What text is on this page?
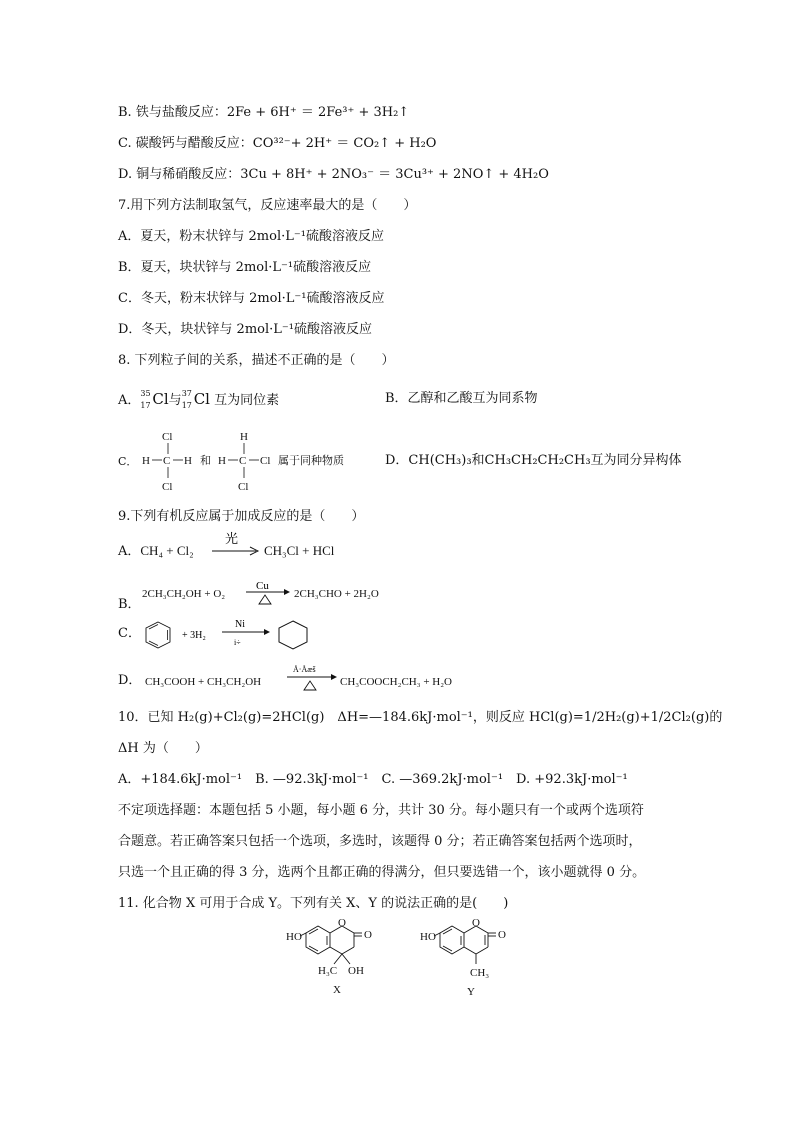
B. 铁与盐酸反应：2Fe + 6H⁺ ＝ 2Fe³⁺ + 3H₂↑
C. 碳酸钙与醋酸反应：CO³²⁻+ 2H⁺ ＝ CO₂↑ + H₂O
D. 铜与稀硝酸反应：3Cu + 8H⁺ + 2NO₃⁻ ＝ 3Cu³⁺ + 2NO↑ + 4H₂O
7.用下列方法制取氢气，反应速率最大的是（　　）
A．夏天，粉末状锌与 2mol·L⁻¹硫酸溶液反应
B．夏天，块状锌与 2mol·L⁻¹硫酸溶液反应
C．冬天，粉末状锌与 2mol·L⁻¹硫酸溶液反应
D．冬天，块状锌与 2mol·L⁻¹硫酸溶液反应
8. 下列粒子间的关系，描述不正确的是（　　）
A． 35
17 Cl与 37
17 Cl 互为同位素	B．乙醇和乙酸互为同系物
C．
Cl
H C H
Cl
和
H
H C Cl
Cl
属于同种物质	D．CH(CH₃)₃和CH₃CH₂CH₂CH₃互为同分异构体
9.下列有机反应属于加成反应的是（　　）
A．CH₄ + Cl₂
光
CH₃Cl + HCl
B．
2CH₃CH₂OH + O₂
Cu
2CH₃CHO + 2H₂O
C．	+ 3H₂
Ni
i÷
D． CH₃COOH + CH₃CH₂OH
Å·Åæš
CH₃COOCH₂CH₃ + H₂O
10．已知 H₂(g)+Cl₂(g)=2HCl(g)　ΔH=—184.6kJ·mol⁻¹，则反应 HCl(g)=1/2H₂(g)+1/2Cl₂(g)的
ΔH 为（　　）
A．+184.6kJ·mol⁻¹　B. —92.3kJ·mol⁻¹　C. —369.2kJ·mol⁻¹　D. +92.3kJ·mol⁻¹
不定项选择题：本题包括 5 小题，每小题 6 分，共计 30 分。每小题只有一个或两个选项符
合题意。若正确答案只包括一个选项，多选时，该题得 0 分；若正确答案包括两个选项时，
只选一个且正确的得 3 分，选两个且都正确的得满分，但只要选错一个，该小题就得 0 分。
11. 化合物 X 可用于合成 Y。下列有关 X、Y 的说法正确的是(　　)
HO
O
O
H₃C OH
X
HO
O
O
CH₃
Y
